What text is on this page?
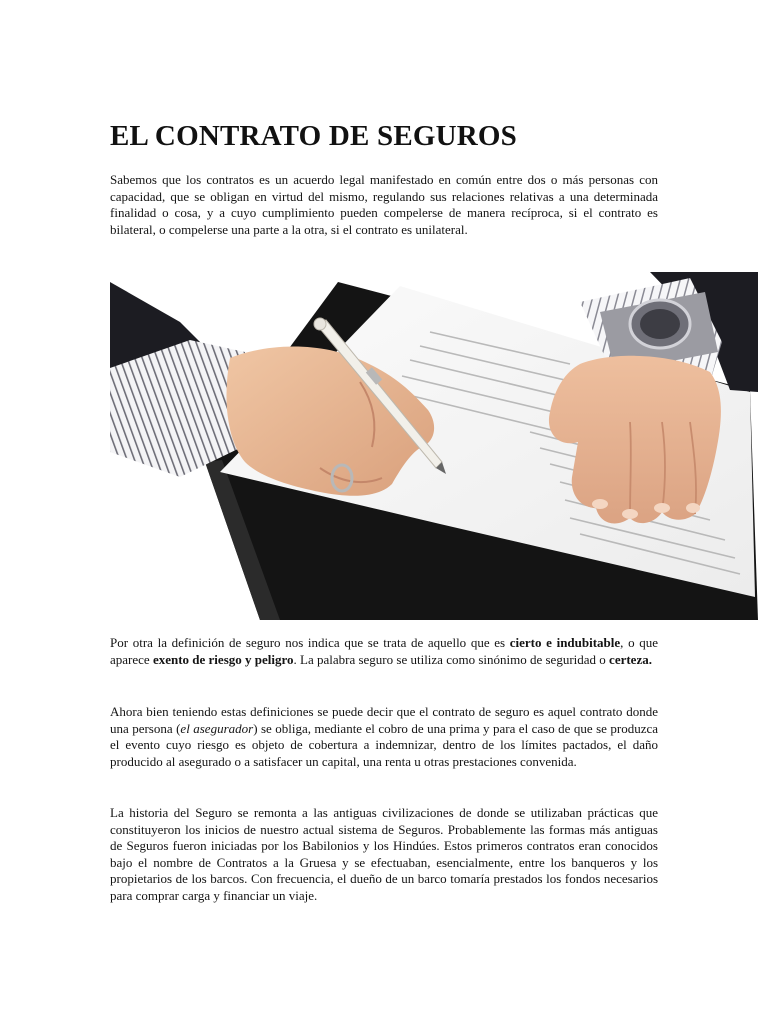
EL CONTRATO DE SEGUROS

Sabemos que los contratos es un acuerdo legal manifestado en común entre dos o más personas con capacidad, que se obligan en virtud del mismo, regulando sus relaciones relativas a una determinada finalidad o cosa, y a cuyo cumplimiento pueden compelerse de manera recíproca, si el contrato es bilateral, o compelerse una parte a la otra, si el contrato es unilateral.

Por otra la definición de seguro nos indica que se trata de aquello que es cierto e indubitable, o que aparece exento de riesgo y peligro. La palabra seguro se utiliza como sinónimo de seguridad o certeza.

Ahora bien teniendo estas definiciones se puede decir que el contrato de seguro es aquel contrato donde una persona (el asegurador) se obliga, mediante el cobro de una prima y para el caso de que se produzca el evento cuyo riesgo es objeto de cobertura a indemnizar, dentro de los límites pactados, el daño producido al asegurado o a satisfacer un capital, una renta u otras prestaciones convenida.

La historia del Seguro se remonta a las antiguas civilizaciones de donde se utilizaban prácticas que constituyeron los inicios de nuestro actual sistema de Seguros. Probablemente las formas más antiguas de Seguros fueron iniciadas por los Babilonios y los Hindúes. Estos primeros contratos eran conocidos bajo el nombre de Contratos a la Gruesa y se efectuaban, esencialmente, entre los banqueros y los propietarios de los barcos. Con frecuencia, el dueño de un barco tomaría prestados los fondos necesarios para comprar carga y financiar un viaje.
